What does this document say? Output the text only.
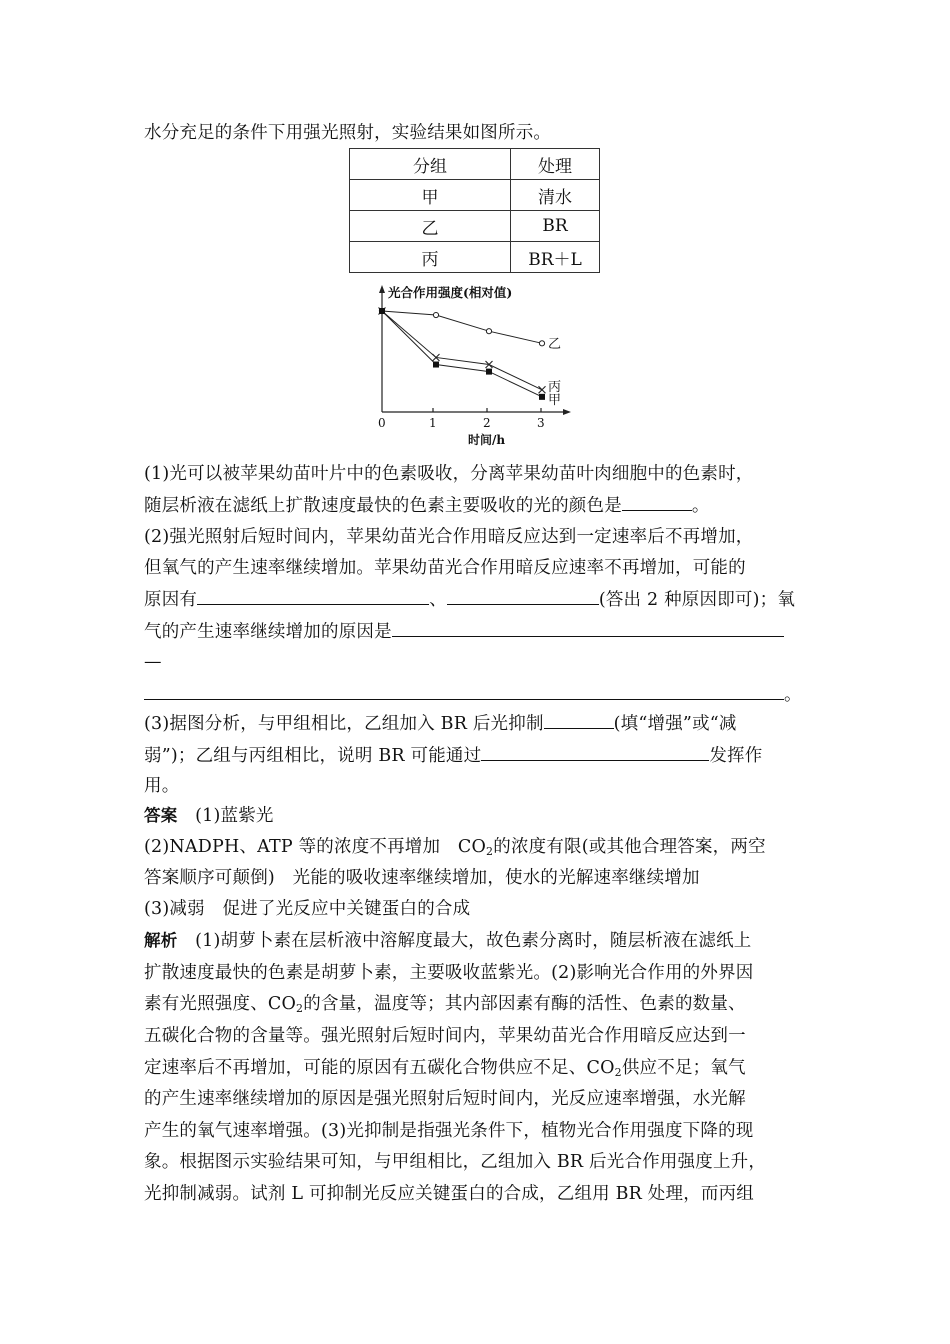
水分充足的条件下用强光照射，实验结果如图所示。
分组	处理
甲	清水
乙	BR
丙	BR＋L
光合作用强度(相对值)
0	1	2	3
时间/h
乙
丙
甲
(1)光可以被苹果幼苗叶片中的色素吸收，分离苹果幼苗叶肉细胞中的色素时，
随层析液在滤纸上扩散速度最快的色素主要吸收的光的颜色是	。
(2)强光照射后短时间内，苹果幼苗光合作用暗反应达到一定速率后不再增加，
但氧气的产生速率继续增加。苹果幼苗光合作用暗反应速率不再增加，可能的
原因有	、	(答出 2 种原因即可)；氧
气的产生速率继续增加的原因是
—
。
(3)据图分析，与甲组相比，乙组加入 BR 后光抑制	(填“增强”或“减
弱”)；乙组与丙组相比，说明 BR 可能通过	发挥作
用。
答案　 (1)蓝紫光
(2)NADPH、ATP 等的浓度不再增加　$CO_2$的浓度有限(或其他合理答案，两空
答案顺序可颠倒)　光能的吸收速率继续增加，使水的光解速率继续增加
(3)减弱　促进了光反应中关键蛋白的合成
解析　(1)胡萝卜素在层析液中溶解度最大，故色素分离时，随层析液在滤纸上
扩散速度最快的色素是胡萝卜素，主要吸收蓝紫光。(2)影响光合作用的外界因
素有光照强度、$CO_2$的含量，温度等；其内部因素有酶的活性、色素的数量、
五碳化合物的含量等。强光照射后短时间内，苹果幼苗光合作用暗反应达到一
定速率后不再增加，可能的原因有五碳化合物供应不足、$CO_2$供应不足；氧气
的产生速率继续增加的原因是强光照射后短时间内，光反应速率增强，水光解
产生的氧气速率增强。(3)光抑制是指强光条件下，植物光合作用强度下降的现
象。根据图示实验结果可知，与甲组相比，乙组加入 BR 后光合作用强度上升，
光抑制减弱。试剂 L 可抑制光反应关键蛋白的合成，乙组用 BR 处理，而丙组
